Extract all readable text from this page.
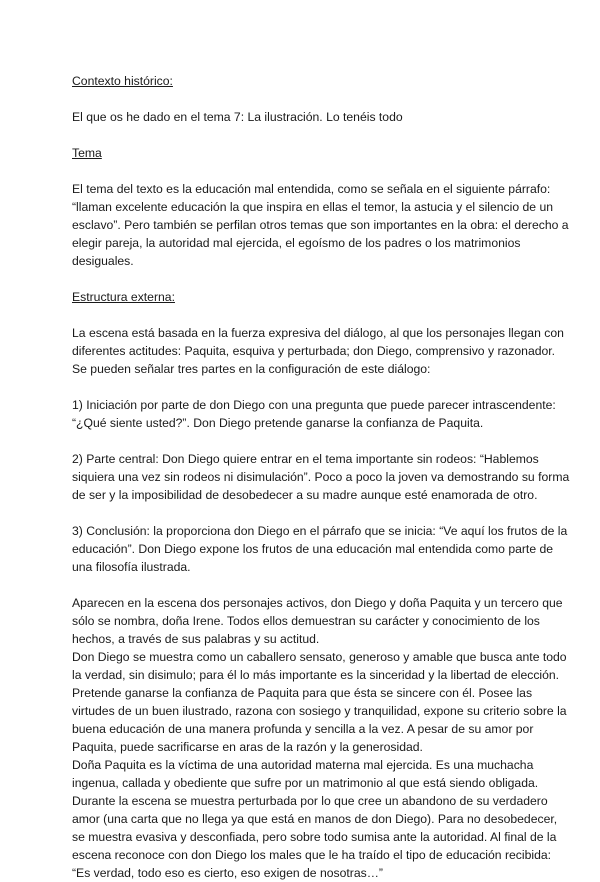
Contexto histórico:
El que os he dado en el tema 7: La ilustración. Lo tenéis todo
Tema
El tema del texto es la educación mal entendida, como se señala en el siguiente párrafo:
“llaman excelente educación la que inspira en ellas el temor, la astucia y el silencio de un
esclavo”. Pero también se perfilan otros temas que son importantes en la obra: el derecho a
elegir pareja, la autoridad mal ejercida, el egoísmo de los padres o los matrimonios
desiguales.
Estructura externa:
La escena está basada en la fuerza expresiva del diálogo, al que los personajes llegan con
diferentes actitudes: Paquita, esquiva y perturbada; don Diego, comprensivo y razonador.
Se pueden señalar tres partes en la configuración de este diálogo:
1) Iniciación por parte de don Diego con una pregunta que puede parecer intrascendente:
“¿Qué siente usted?”. Don Diego pretende ganarse la confianza de Paquita.
2) Parte central: Don Diego quiere entrar en el tema importante sin rodeos: “Hablemos
siquiera una vez sin rodeos ni disimulación”. Poco a poco la joven va demostrando su forma
de ser y la imposibilidad de desobedecer a su madre aunque esté enamorada de otro.
3) Conclusión: la proporciona don Diego en el párrafo que se inicia: “Ve aquí los frutos de la
educación”. Don Diego expone los frutos de una educación mal entendida como parte de
una filosofía ilustrada.
Aparecen en la escena dos personajes activos, don Diego y doña Paquita y un tercero que
sólo se nombra, doña Irene. Todos ellos demuestran su carácter y conocimiento de los
hechos, a través de sus palabras y su actitud.
Don Diego se muestra como un caballero sensato, generoso y amable que busca ante todo
la verdad, sin disimulo; para él lo más importante es la sinceridad y la libertad de elección.
Pretende ganarse la confianza de Paquita para que ésta se sincere con él. Posee las
virtudes de un buen ilustrado, razona con sosiego y tranquilidad, expone su criterio sobre la
buena educación de una manera profunda y sencilla a la vez. A pesar de su amor por
Paquita, puede sacrificarse en aras de la razón y la generosidad.
Doña Paquita es la víctima de una autoridad materna mal ejercida. Es una muchacha
ingenua, callada y obediente que sufre por un matrimonio al que está siendo obligada.
Durante la escena se muestra perturbada por lo que cree un abandono de su verdadero
amor (una carta que no llega ya que está en manos de don Diego). Para no desobedecer,
se muestra evasiva y desconfiada, pero sobre todo sumisa ante la autoridad. Al final de la
escena reconoce con don Diego los males que le ha traído el tipo de educación recibida:
“Es verdad, todo eso es cierto, eso exigen de nosotras…”
